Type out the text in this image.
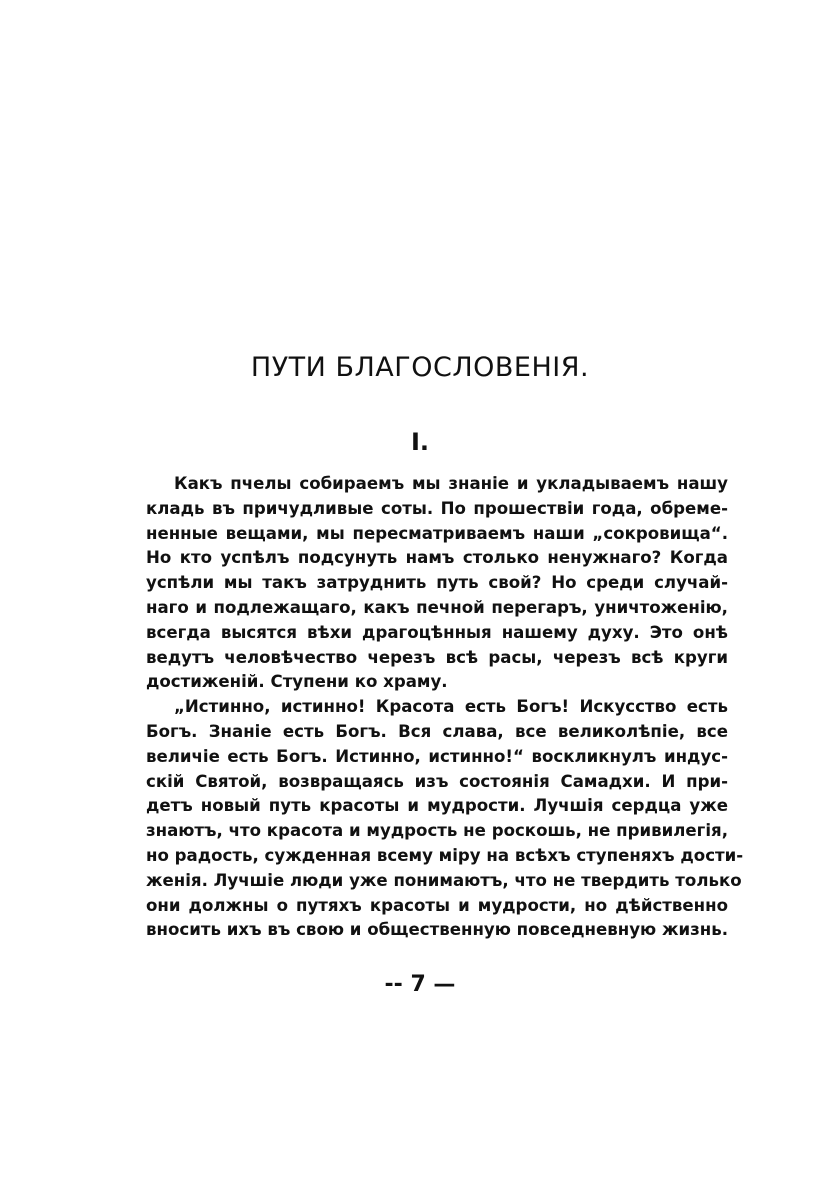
ПУТИ БЛАГОСЛОВЕНІЯ.
I.
Какъ пчелы собираемъ мы знаніе и укладываемъ нашу
кладь въ причудливые соты. По прошествіи года, обреме-
ненные вещами, мы пересматриваемъ наши „сокровища“.
Но кто успѣлъ подсунуть намъ столько ненужнаго? Когда
успѣли мы такъ затруднить путь свой? Но среди случай-
наго и подлежащаго, какъ печной перегаръ, уничтоженію,
всегда высятся вѣхи драгоцѣнныя нашему духу. Это онѣ
ведутъ человѣчество черезъ всѣ расы, черезъ всѣ круги
достиженій. Ступени ко храму.
„Истинно, истинно! Красота есть Богъ! Искусство есть
Богъ. Знаніе есть Богъ. Вся слава, все великолѣпіе, все
величіе есть Богъ. Истинно, истинно!“ воскликнулъ индус-
скій Святой, возвращаясь изъ состоянія Самадхи. И при-
детъ новый путь красоты и мудрости. Лучшія сердца уже
знаютъ, что красота и мудрость не роскошь, не привилегія,
но радость, суждeнная всему міру на всѣхъ ступеняхъ дости-
женія. Лучшіе люди уже понимаютъ, что не твердить только
они должны о путяхъ красоты и мудрости, но дѣйственно
вносить ихъ въ свою и общественную повседневную жизнь.
-- 7 —
